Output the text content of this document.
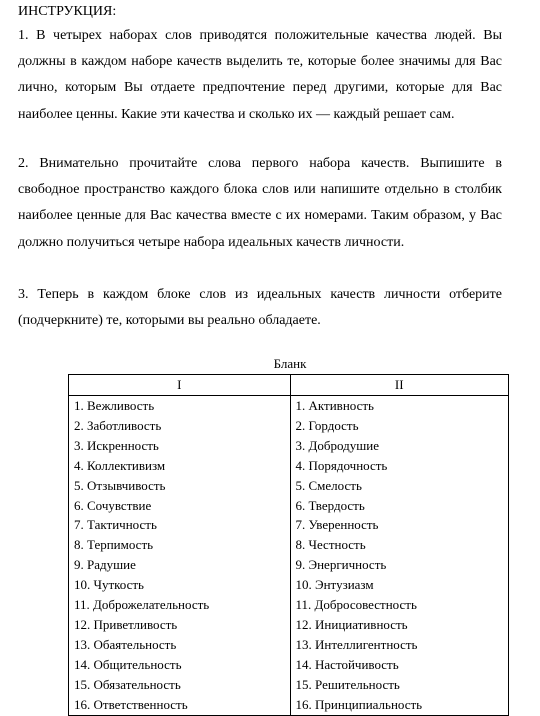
ИНСТРУКЦИЯ:

1. В четырех наборах слов приводятся положительные качества людей. Вы должны в каждом наборе качеств выделить те, которые более значимы для Вас лично, которым Вы отдаете предпочтение перед другими, которые для Вас наиболее ценны. Какие эти качества и сколько их — каждый решает сам.

2. Внимательно прочитайте слова первого набора качеств. Выпишите в свободное пространство каждого блока слов или напишите отдельно в столбик наиболее ценные для Вас качества вместе с их номерами. Таким образом, у Вас должно получиться четыре набора идеальных качеств личности.

3. Теперь в каждом блоке слов из идеальных качеств личности отберите (подчеркните) те, которыми вы реально обладаете.

Бланк
I	II
1. Вежливость	1. Активность
2. Заботливость	2. Гордость
3. Искренность	3. Добродушие
4. Коллективизм	4. Порядочность
5. Отзывчивость	5. Смелость
6. Сочувствие	6. Твердость
7. Тактичность	7. Уверенность
8. Терпимость	8. Честность
9. Радушие	9. Энергичность
10. Чуткость	10. Энтузиазм
11. Доброжелательность	11. Добросовестность
12. Приветливость	12. Инициативность
13. Обаятельность	13. Интеллигентность
14. Общительность	14. Настойчивость
15. Обязательность	15. Решительность
16. Ответственность	16. Принципиальность
